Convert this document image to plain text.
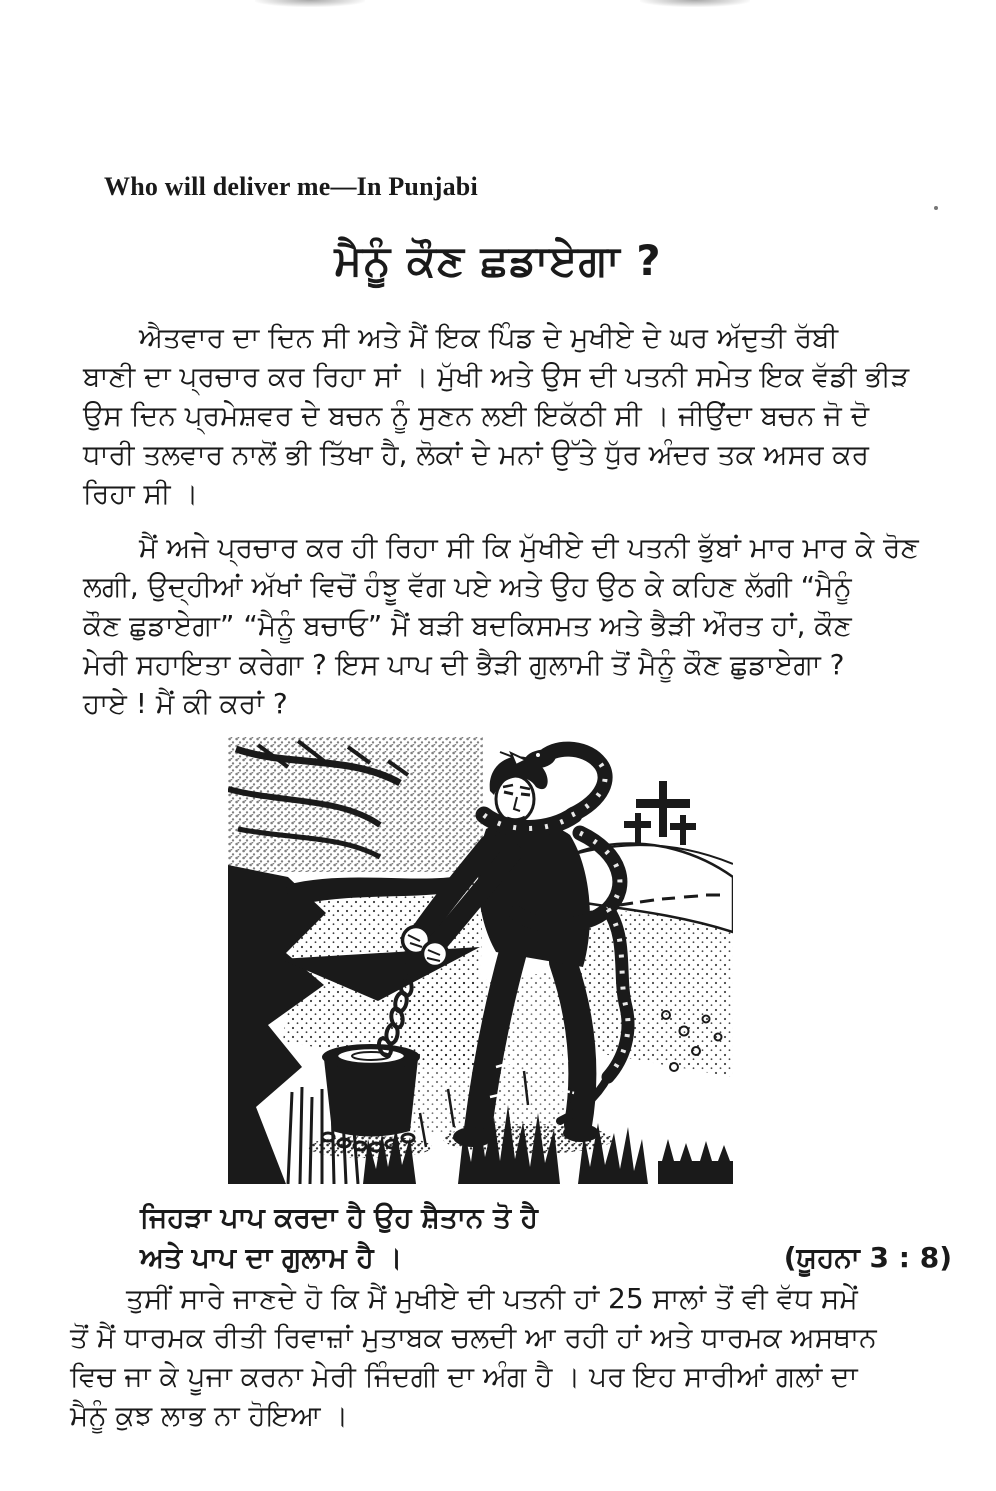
Who will deliver me—In Punjabi
ਮੈਨੂੰ ਕੌਣ ਛਡਾਏਗਾ ?
ਐਤਵਾਰ ਦਾ ਦਿਨ ਸੀ ਅਤੇ ਮੈਂ ਇਕ ਪਿੰਡ ਦੇ ਮੁਖੀਏ ਦੇ ਘਰ ਅੱਦੁਤੀ ਰੱਬੀ
ਬਾਣੀ ਦਾ ਪ੍ਰਚਾਰ ਕਰ ਰਿਹਾ ਸਾਂ । ਮੁੱਖੀ ਅਤੇ ਉਸ ਦੀ ਪਤਨੀ ਸਮੇਤ ਇਕ ਵੱਡੀ ਭੀੜ
ਉਸ ਦਿਨ ਪ੍ਰਮੇਸ਼ਵਰ ਦੇ ਬਚਨ ਨੂੰ ਸੁਣਨ ਲਈ ਇਕੱਠੀ ਸੀ । ਜੀਉਂਦਾ ਬਚਨ ਜੋ ਦੋ
ਧਾਰੀ ਤਲਵਾਰ ਨਾਲੋਂ ਭੀ ਤਿੱਖਾ ਹੈ, ਲੋਕਾਂ ਦੇ ਮਨਾਂ ਉੱਤੇ ਧੁੱਰ ਅੰਦਰ ਤਕ ਅਸਰ ਕਰ
ਰਿਹਾ ਸੀ ।
ਮੈਂ ਅਜੇ ਪ੍ਰਚਾਰ ਕਰ ਹੀ ਰਿਹਾ ਸੀ ਕਿ ਮੁੱਖੀਏ ਦੀ ਪਤਨੀ ਭੁੱਬਾਂ ਮਾਰ ਮਾਰ ਕੇ ਰੋਣ
ਲਗੀ, ਉਦ੍ਹੀਆਂ ਅੱਖਾਂ ਵਿਚੋਂ ਹੰਝੂ ਵੱਗ ਪਏ ਅਤੇ ਉਹ ਉਠ ਕੇ ਕਹਿਣ ਲੱਗੀ “ਮੈਨੂੰ
ਕੌਣ ਛੁਡਾਏਗਾ” “ਮੈਨੂੰ ਬਚਾਓ” ਮੈਂ ਬੜੀ ਬਦਕਿਸਮਤ ਅਤੇ ਭੈੜੀ ਔਰਤ ਹਾਂ, ਕੌਣ
ਮੇਰੀ ਸਹਾਇਤਾ ਕਰੇਗਾ ? ਇਸ ਪਾਪ ਦੀ ਭੈੜੀ ਗੁਲਾਮੀ ਤੋਂ ਮੈਨੂੰ ਕੌਣ ਛੁਡਾਏਗਾ ?
ਹਾਏ ! ਮੈਂ ਕੀ ਕਰਾਂ ?
ਜਿਹੜਾ ਪਾਪ ਕਰਦਾ ਹੈ ਉਹ ਸ਼ੈਤਾਨ ਤੋ ਹੈ
ਅਤੇ ਪਾਪ ਦਾ ਗੁਲਾਮ ਹੈ ।	(ਯੂਹਨਾ 3 : 8)
ਤੁਸੀਂ ਸਾਰੇ ਜਾਣਦੇ ਹੋ ਕਿ ਮੈਂ ਮੁਖੀਏ ਦੀ ਪਤਨੀ ਹਾਂ 25 ਸਾਲਾਂ ਤੋਂ ਵੀ ਵੱਧ ਸਮੇਂ
ਤੋਂ ਮੈਂ ਧਾਰਮਕ ਰੀਤੀ ਰਿਵਾਜ਼ਾਂ ਮੁਤਾਬਕ ਚਲਦੀ ਆ ਰਹੀ ਹਾਂ ਅਤੇ ਧਾਰਮਕ ਅਸਥਾਨ
ਵਿਚ ਜਾ ਕੇ ਪੂਜਾ ਕਰਨਾ ਮੇਰੀ ਜਿੰਦਗੀ ਦਾ ਅੰਗ ਹੈ । ਪਰ ਇਹ ਸਾਰੀਆਂ ਗਲਾਂ ਦਾ
ਮੈਨੂੰ ਕੁਝ ਲਾਭ ਨਾ ਹੋਇਆ ।
